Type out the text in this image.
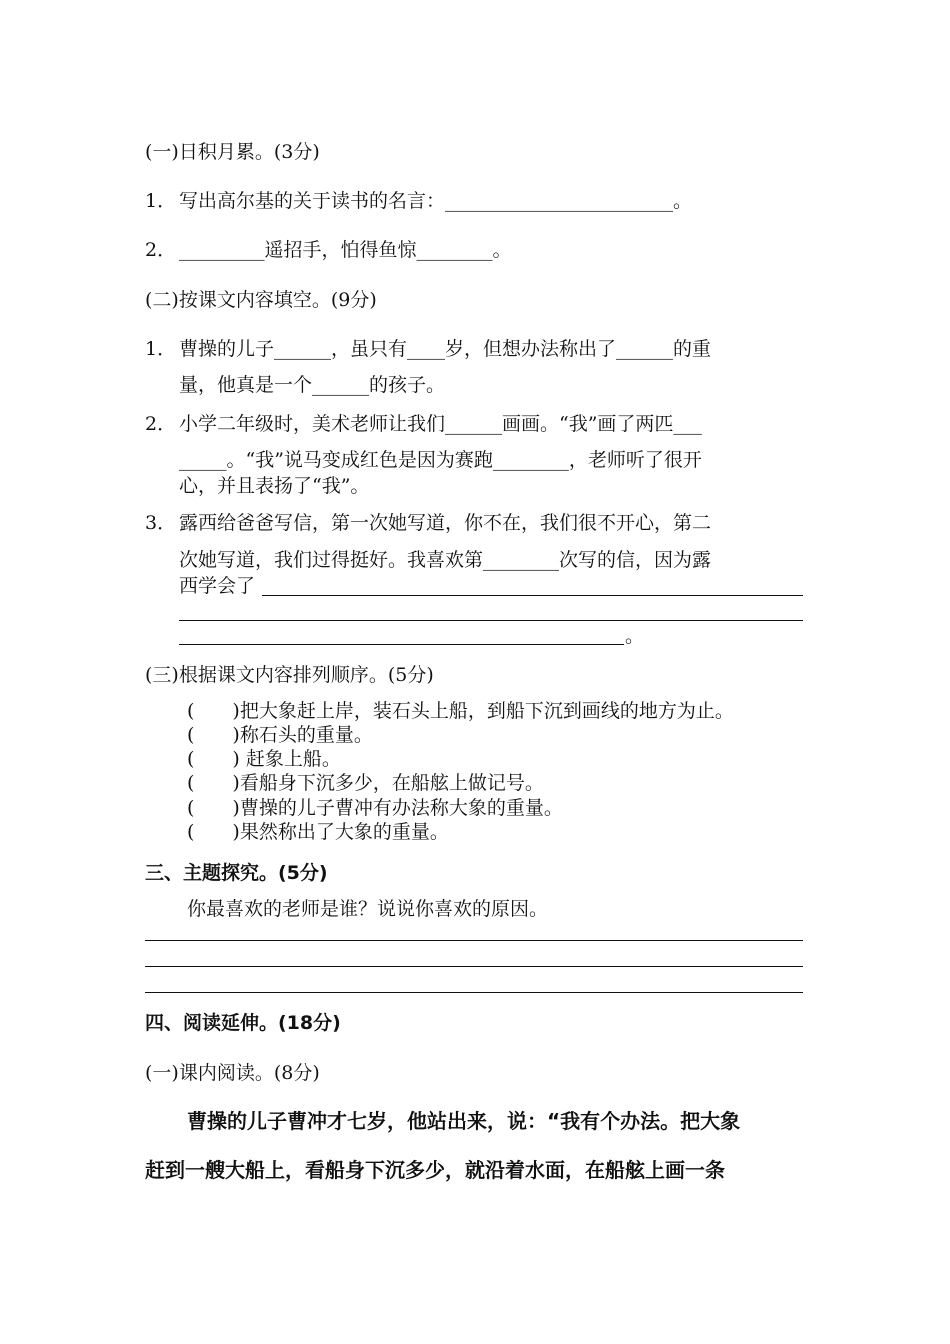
(一)日积月累。(3分)
1． 写出高尔基的关于读书的名言：________________________。
2． _________遥招手，怕得鱼惊________。
(二)按课文内容填空。(9分)
1． 曹操的儿子______，虽只有____岁，但想办法称出了______的重
量，他真是一个______的孩子。
2． 小学二年级时，美术老师让我们______画画。“我”画了两匹___
_____。“我”说马变成红色是因为赛跑________，老师听了很开
心，并且表扬了“我”。
3． 露西给爸爸写信，第一次她写道，你不在，我们很不开心，第二
次她写道，我们过得挺好。我喜欢第________次写的信，因为露
西学会了
。
(三)根据课文内容排列顺序。(5分)
(　　)把大象赶上岸，装石头上船，到船下沉到画线的地方为止。
(　　)称石头的重量。
(　　) 赶象上船。
(　　)看船身下沉多少，在船舷上做记号。
(　　)曹操的儿子曹冲有办法称大象的重量。
(　　)果然称出了大象的重量。
三、主题探究。(5分)
你最喜欢的老师是谁？说说你喜欢的原因。
四、阅读延伸。(18分)
(一)课内阅读。(8分)
曹操的儿子曹冲才七岁，他站出来，说：“我有个办法。把大象
赶到一艘大船上，看船身下沉多少，就沿着水面，在船舷上画一条
